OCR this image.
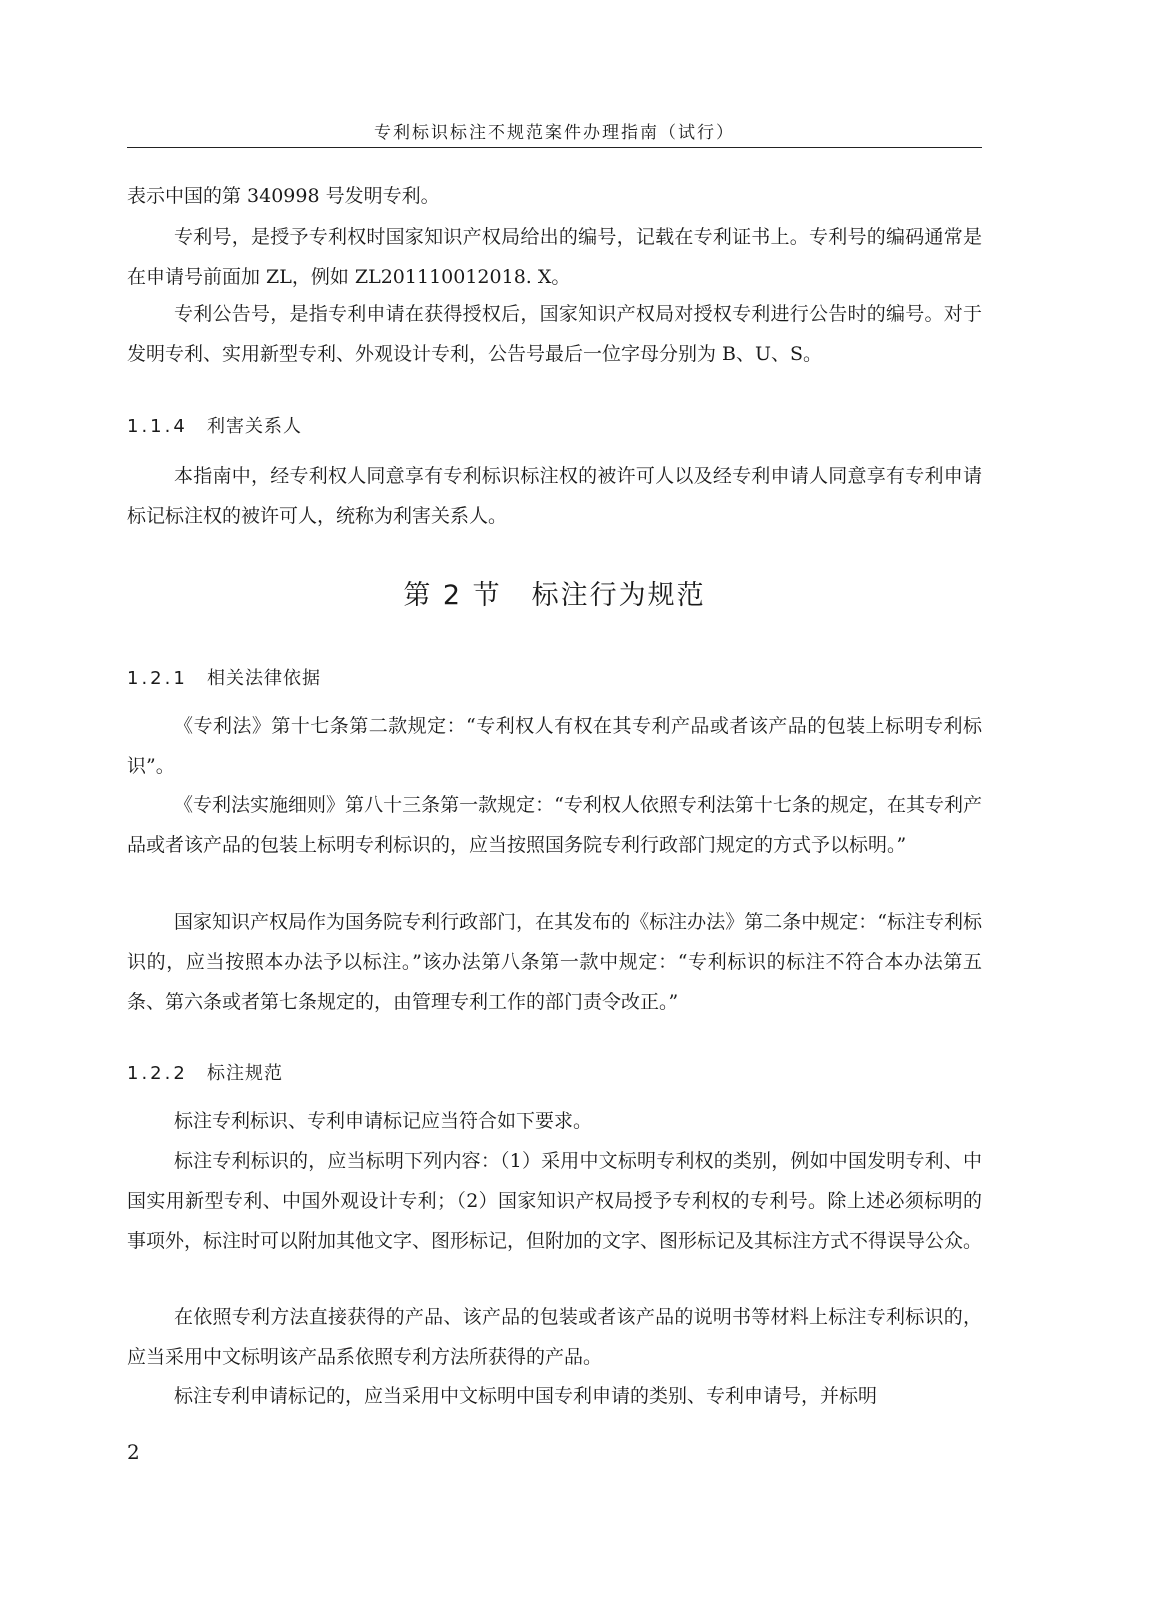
专利标识标注不规范案件办理指南（试行）

表示中国的第 340998 号发明专利。

专利号，是授予专利权时国家知识产权局给出的编号，记载在专利证书上。专利号的编码通常是在申请号前面加 ZL，例如 ZL201110012018. X。

专利公告号，是指专利申请在获得授权后，国家知识产权局对授权专利进行公告时的编号。对于发明专利、实用新型专利、外观设计专利，公告号最后一位字母分别为 B、U、S。

1.1.4 利害关系人

本指南中，经专利权人同意享有专利标识标注权的被许可人以及经专利申请人同意享有专利申请标记标注权的被许可人，统称为利害关系人。

第 2 节 标注行为规范
1.2.1 相关法律依据

《专利法》第十七条第二款规定：“专利权人有权在其专利产品或者该产品的包装上标明专利标识”。

《专利法实施细则》第八十三条第一款规定：“专利权人依照专利法第十七条的规定，在其专利产品或者该产品的包装上标明专利标识的，应当按照国务院专利行政部门规定的方式予以标明。”

国家知识产权局作为国务院专利行政部门，在其发布的《标注办法》第二条中规定：“标注专利标识的，应当按照本办法予以标注。”该办法第八条第一款中规定：“专利标识的标注不符合本办法第五条、第六条或者第七条规定的，由管理专利工作的部门责令改正。”

1.2.2 标注规范

标注专利标识、专利申请标记应当符合如下要求。

标注专利标识的，应当标明下列内容：（1）采用中文标明专利权的类别，例如中国发明专利、中国实用新型专利、中国外观设计专利；（2）国家知识产权局授予专利权的专利号。除上述必须标明的事项外，标注时可以附加其他文字、图形标记，但附加的文字、图形标记及其标注方式不得误导公众。

在依照专利方法直接获得的产品、该产品的包装或者该产品的说明书等材料上标注专利标识的，应当采用中文标明该产品系依照专利方法所获得的产品。

标注专利申请标记的，应当采用中文标明中国专利申请的类别、专利申请号，并标明

2
